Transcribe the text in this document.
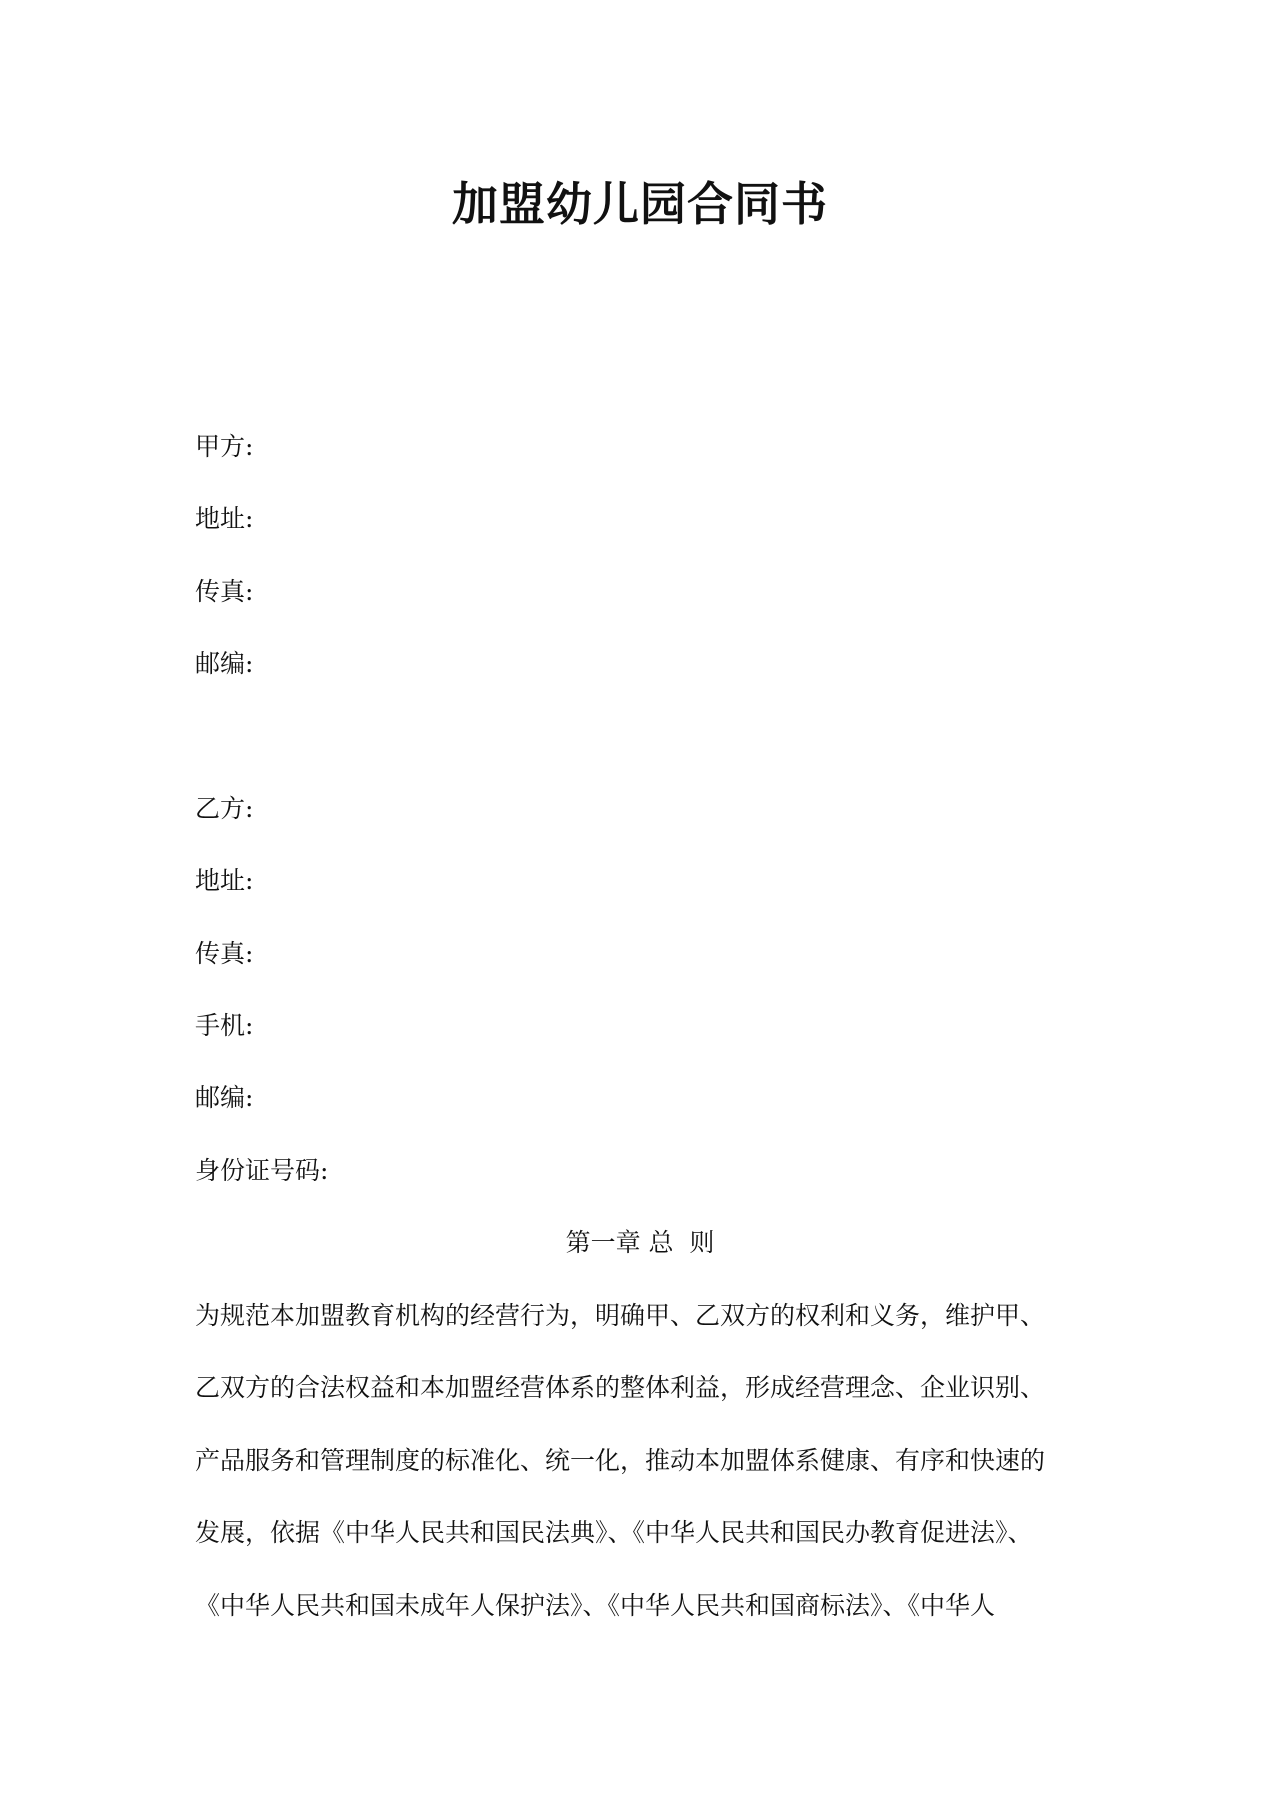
加盟幼儿园合同书
甲方:
地址:
传真:
邮编:
乙方:
地址:
传真:
手机:
邮编:
身份证号码:
第一章 总  则
为规范本加盟教育机构的经营行为，明确甲、乙双方的权利和义务，维护甲、
乙双方的合法权益和本加盟经营体系的整体利益，形成经营理念、企业识别、
产品服务和管理制度的标准化、统一化，推动本加盟体系健康、有序和快速的
发展，依据《中华人民共和国民法典》、《中华人民共和国民办教育促进法》、
《中华人民共和国未成年人保护法》、《中华人民共和国商标法》、《中华人
